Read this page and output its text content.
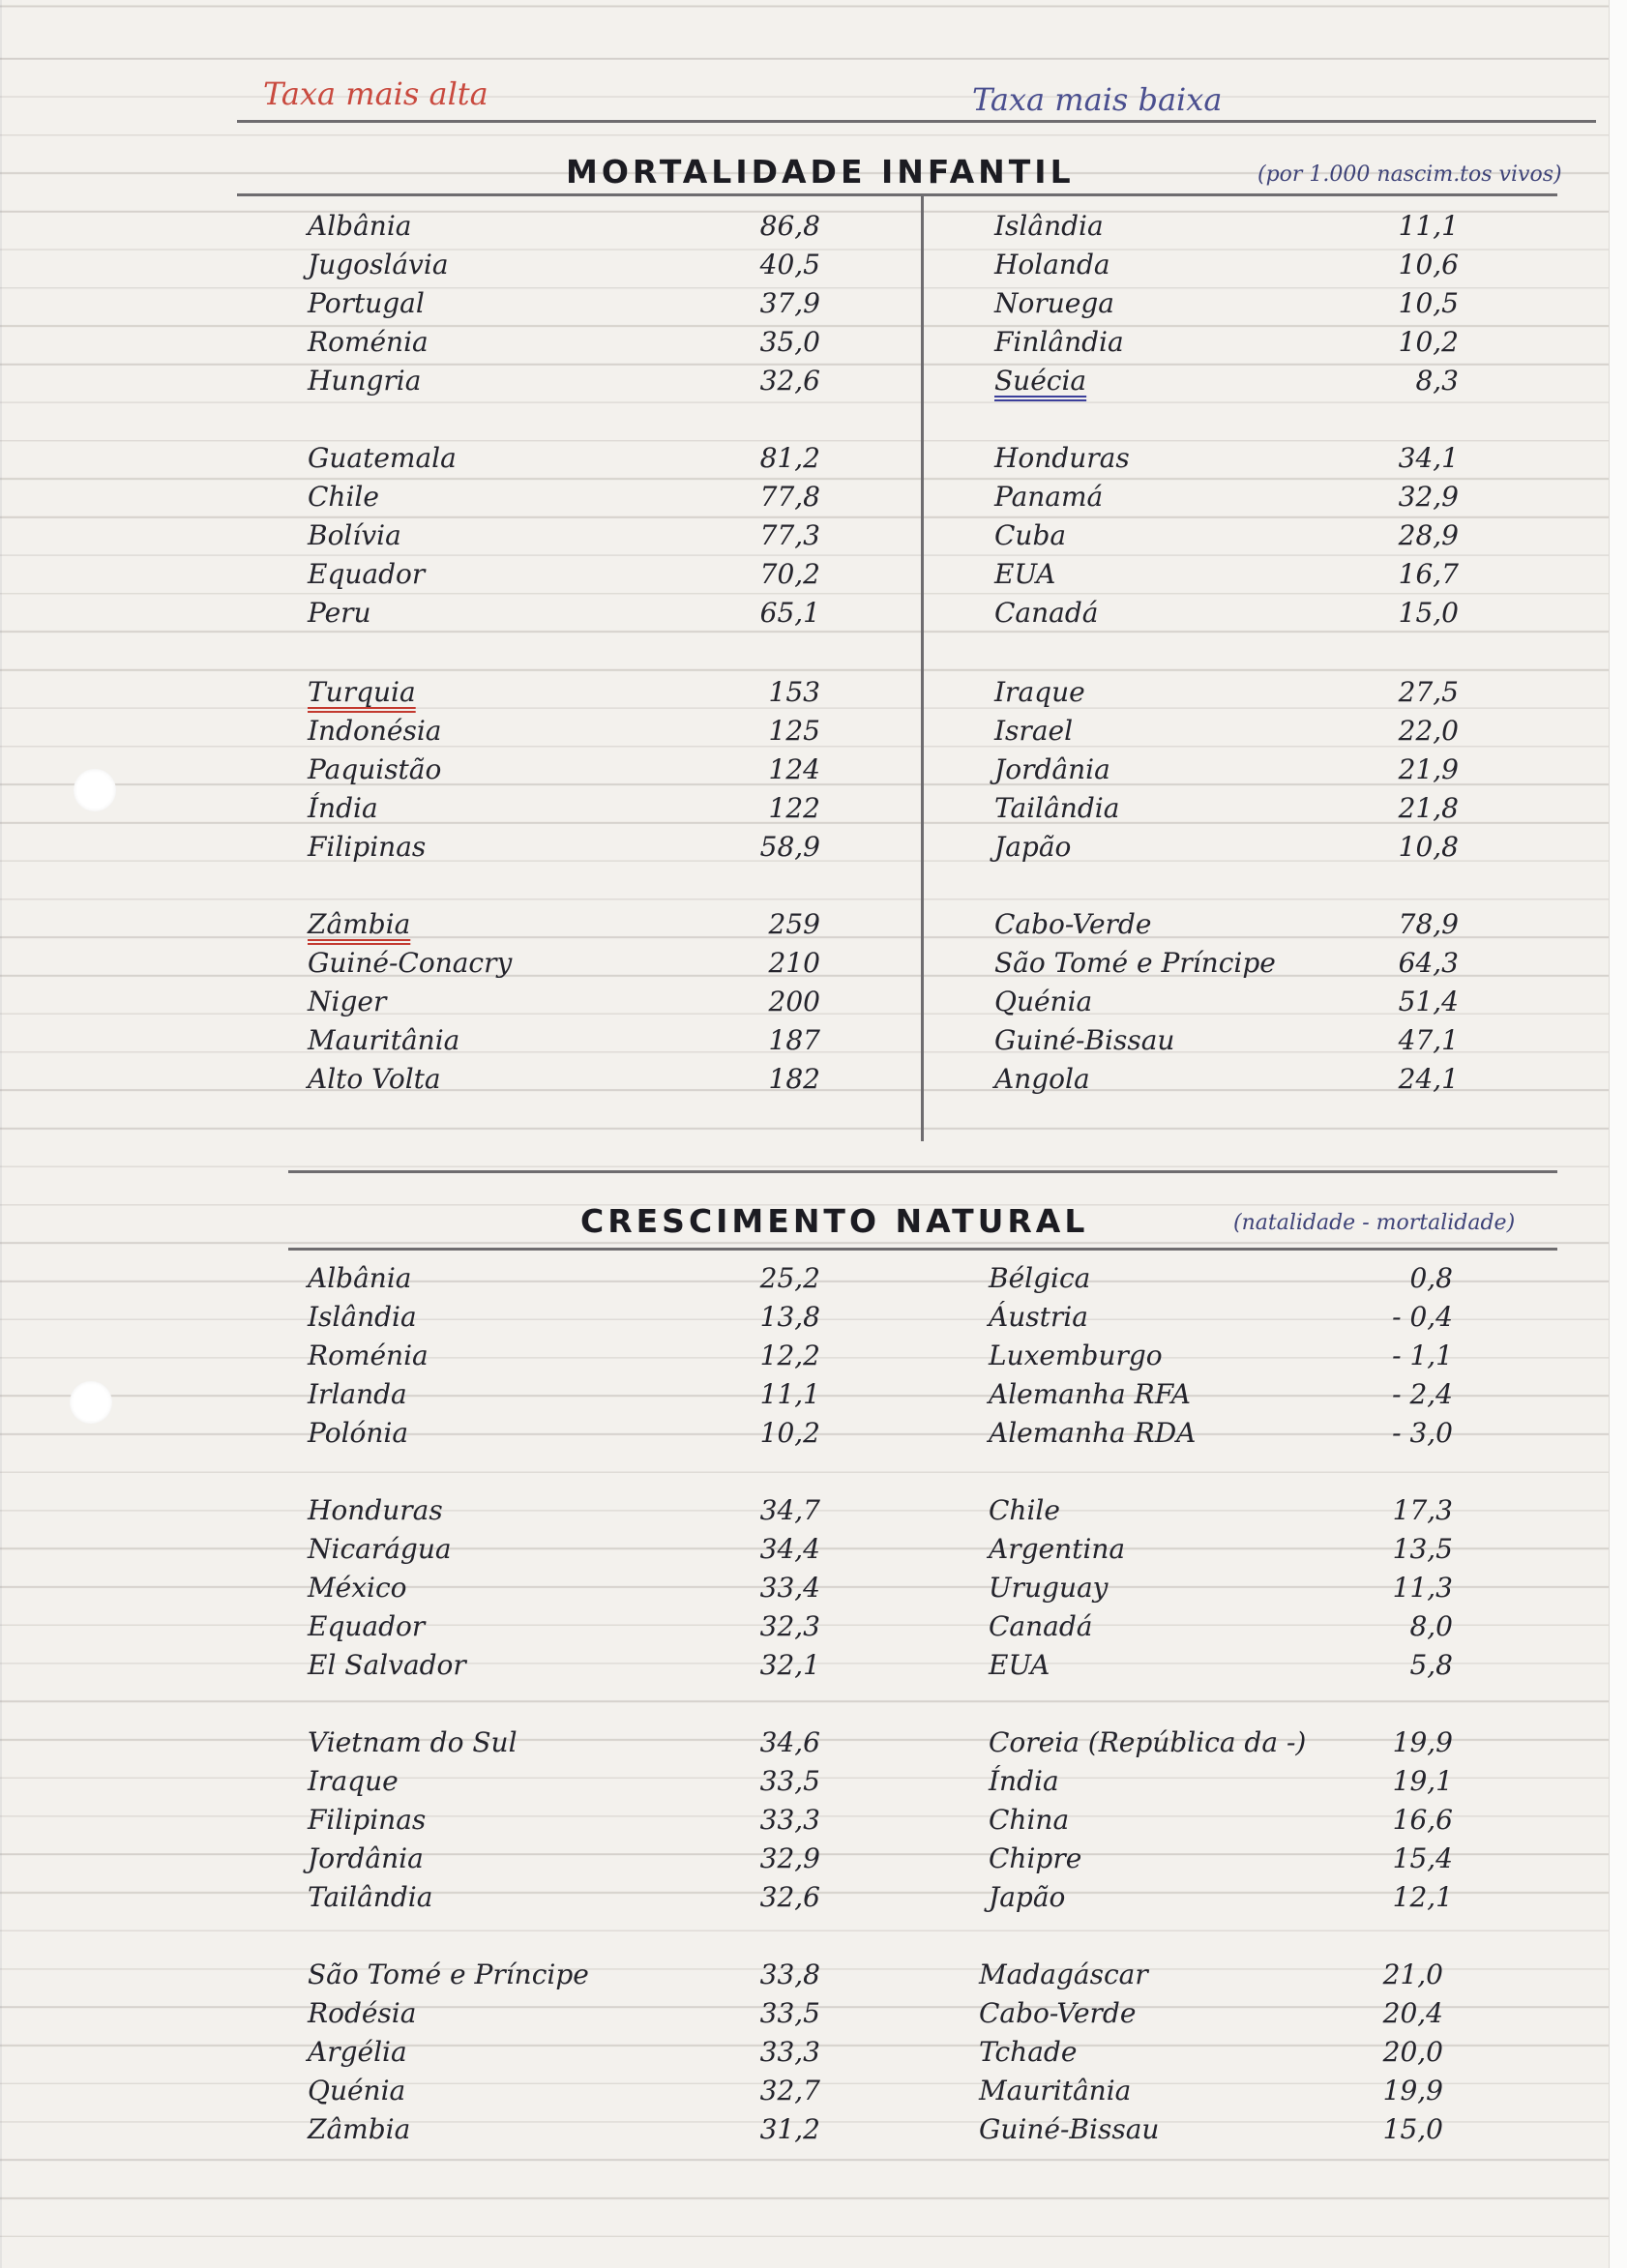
Taxa mais alta	Taxa mais baixa
MORTALIDADE INFANTIL	(por 1.000 nascim.tos vivos)
Albânia	86,8
Jugoslávia	40,5
Portugal	37,9
Roménia	35,0
Hungria	32,6
Islândia	11,1
Holanda	10,6
Noruega	10,5
Finlândia	10,2
Suécia	8,3
Guatemala	81,2
Chile	77,8
Bolívia	77,3
Equador	70,2
Peru	65,1
Honduras	34,1
Panamá	32,9
Cuba	28,9
EUA	16,7
Canadá	15,0
Turquia	153
Indonésia	125
Paquistão	124
Índia	122
Filipinas	58,9
Iraque	27,5
Israel	22,0
Jordânia	21,9
Tailândia	21,8
Japão	10,8
Zâmbia	259
Guiné-Conacry	210
Niger	200
Mauritânia	187
Alto Volta	182
Cabo-Verde	78,9
São Tomé e Príncipe	64,3
Quénia	51,4
Guiné-Bissau	47,1
Angola	24,1
CRESCIMENTO NATURAL	(natalidade - mortalidade)
Albânia	25,2
Islândia	13,8
Roménia	12,2
Irlanda	11,1
Polónia	10,2
Bélgica	0,8
Áustria	- 0,4
Luxemburgo	- 1,1
Alemanha RFA	- 2,4
Alemanha RDA	- 3,0
Honduras	34,7
Nicarágua	34,4
México	33,4
Equador	32,3
El Salvador	32,1
Chile	17,3
Argentina	13,5
Uruguay	11,3
Canadá	8,0
EUA	5,8
Vietnam do Sul	34,6
Iraque	33,5
Filipinas	33,3
Jordânia	32,9
Tailândia	32,6
Coreia (República da -)	19,9
Índia	19,1
China	16,6
Chipre	15,4
Japão	12,1
São Tomé e Príncipe	33,8
Rodésia	33,5
Argélia	33,3
Quénia	32,7
Zâmbia	31,2
Madagáscar	21,0
Cabo-Verde	20,4
Tchade	20,0
Mauritânia	19,9
Guiné-Bissau	15,0
